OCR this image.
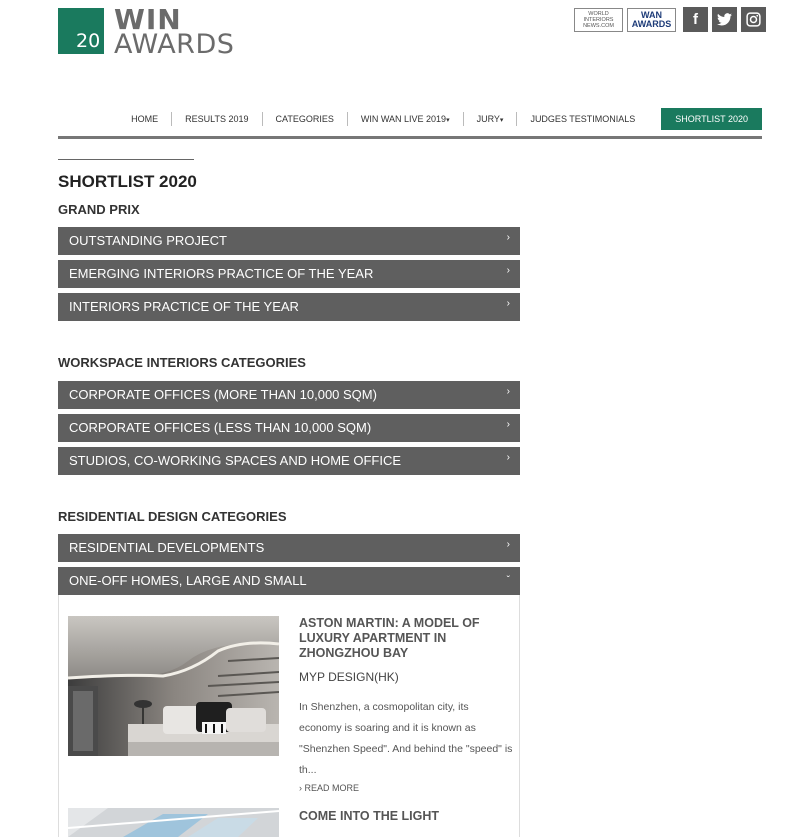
20
WIN
AWARDS
WORLD INTERIORS NEWS.COM
WAN
AWARDS	f
HOME	RESULTS 2019	CATEGORIES	WIN WAN LIVE 2019▾	JURY▾	JUDGES TESTIMONIALS	SHORTLIST 2020
SHORTLIST 2020
GRAND PRIX
OUTSTANDING PROJECT	›
EMERGING INTERIORS PRACTICE OF THE YEAR	›
INTERIORS PRACTICE OF THE YEAR	›
WORKSPACE INTERIORS CATEGORIES
CORPORATE OFFICES (MORE THAN 10,000 SQM)	›
CORPORATE OFFICES (LESS THAN 10,000 SQM)	›
STUDIOS, CO-WORKING SPACES AND HOME OFFICE	›
RESIDENTIAL DESIGN CATEGORIES
RESIDENTIAL DEVELOPMENTS	›
ONE-OFF HOMES, LARGE AND SMALL	ˇ
ASTON MARTIN: A MODEL OF LUXURY APARTMENT IN ZHONGZHOU BAY
MYP DESIGN(HK)
In Shenzhen, a cosmopolitan city, its economy is soaring and it is known as "Shenzhen Speed". And behind the "speed" is th...
› READ MORE
COME INTO THE LIGHT
